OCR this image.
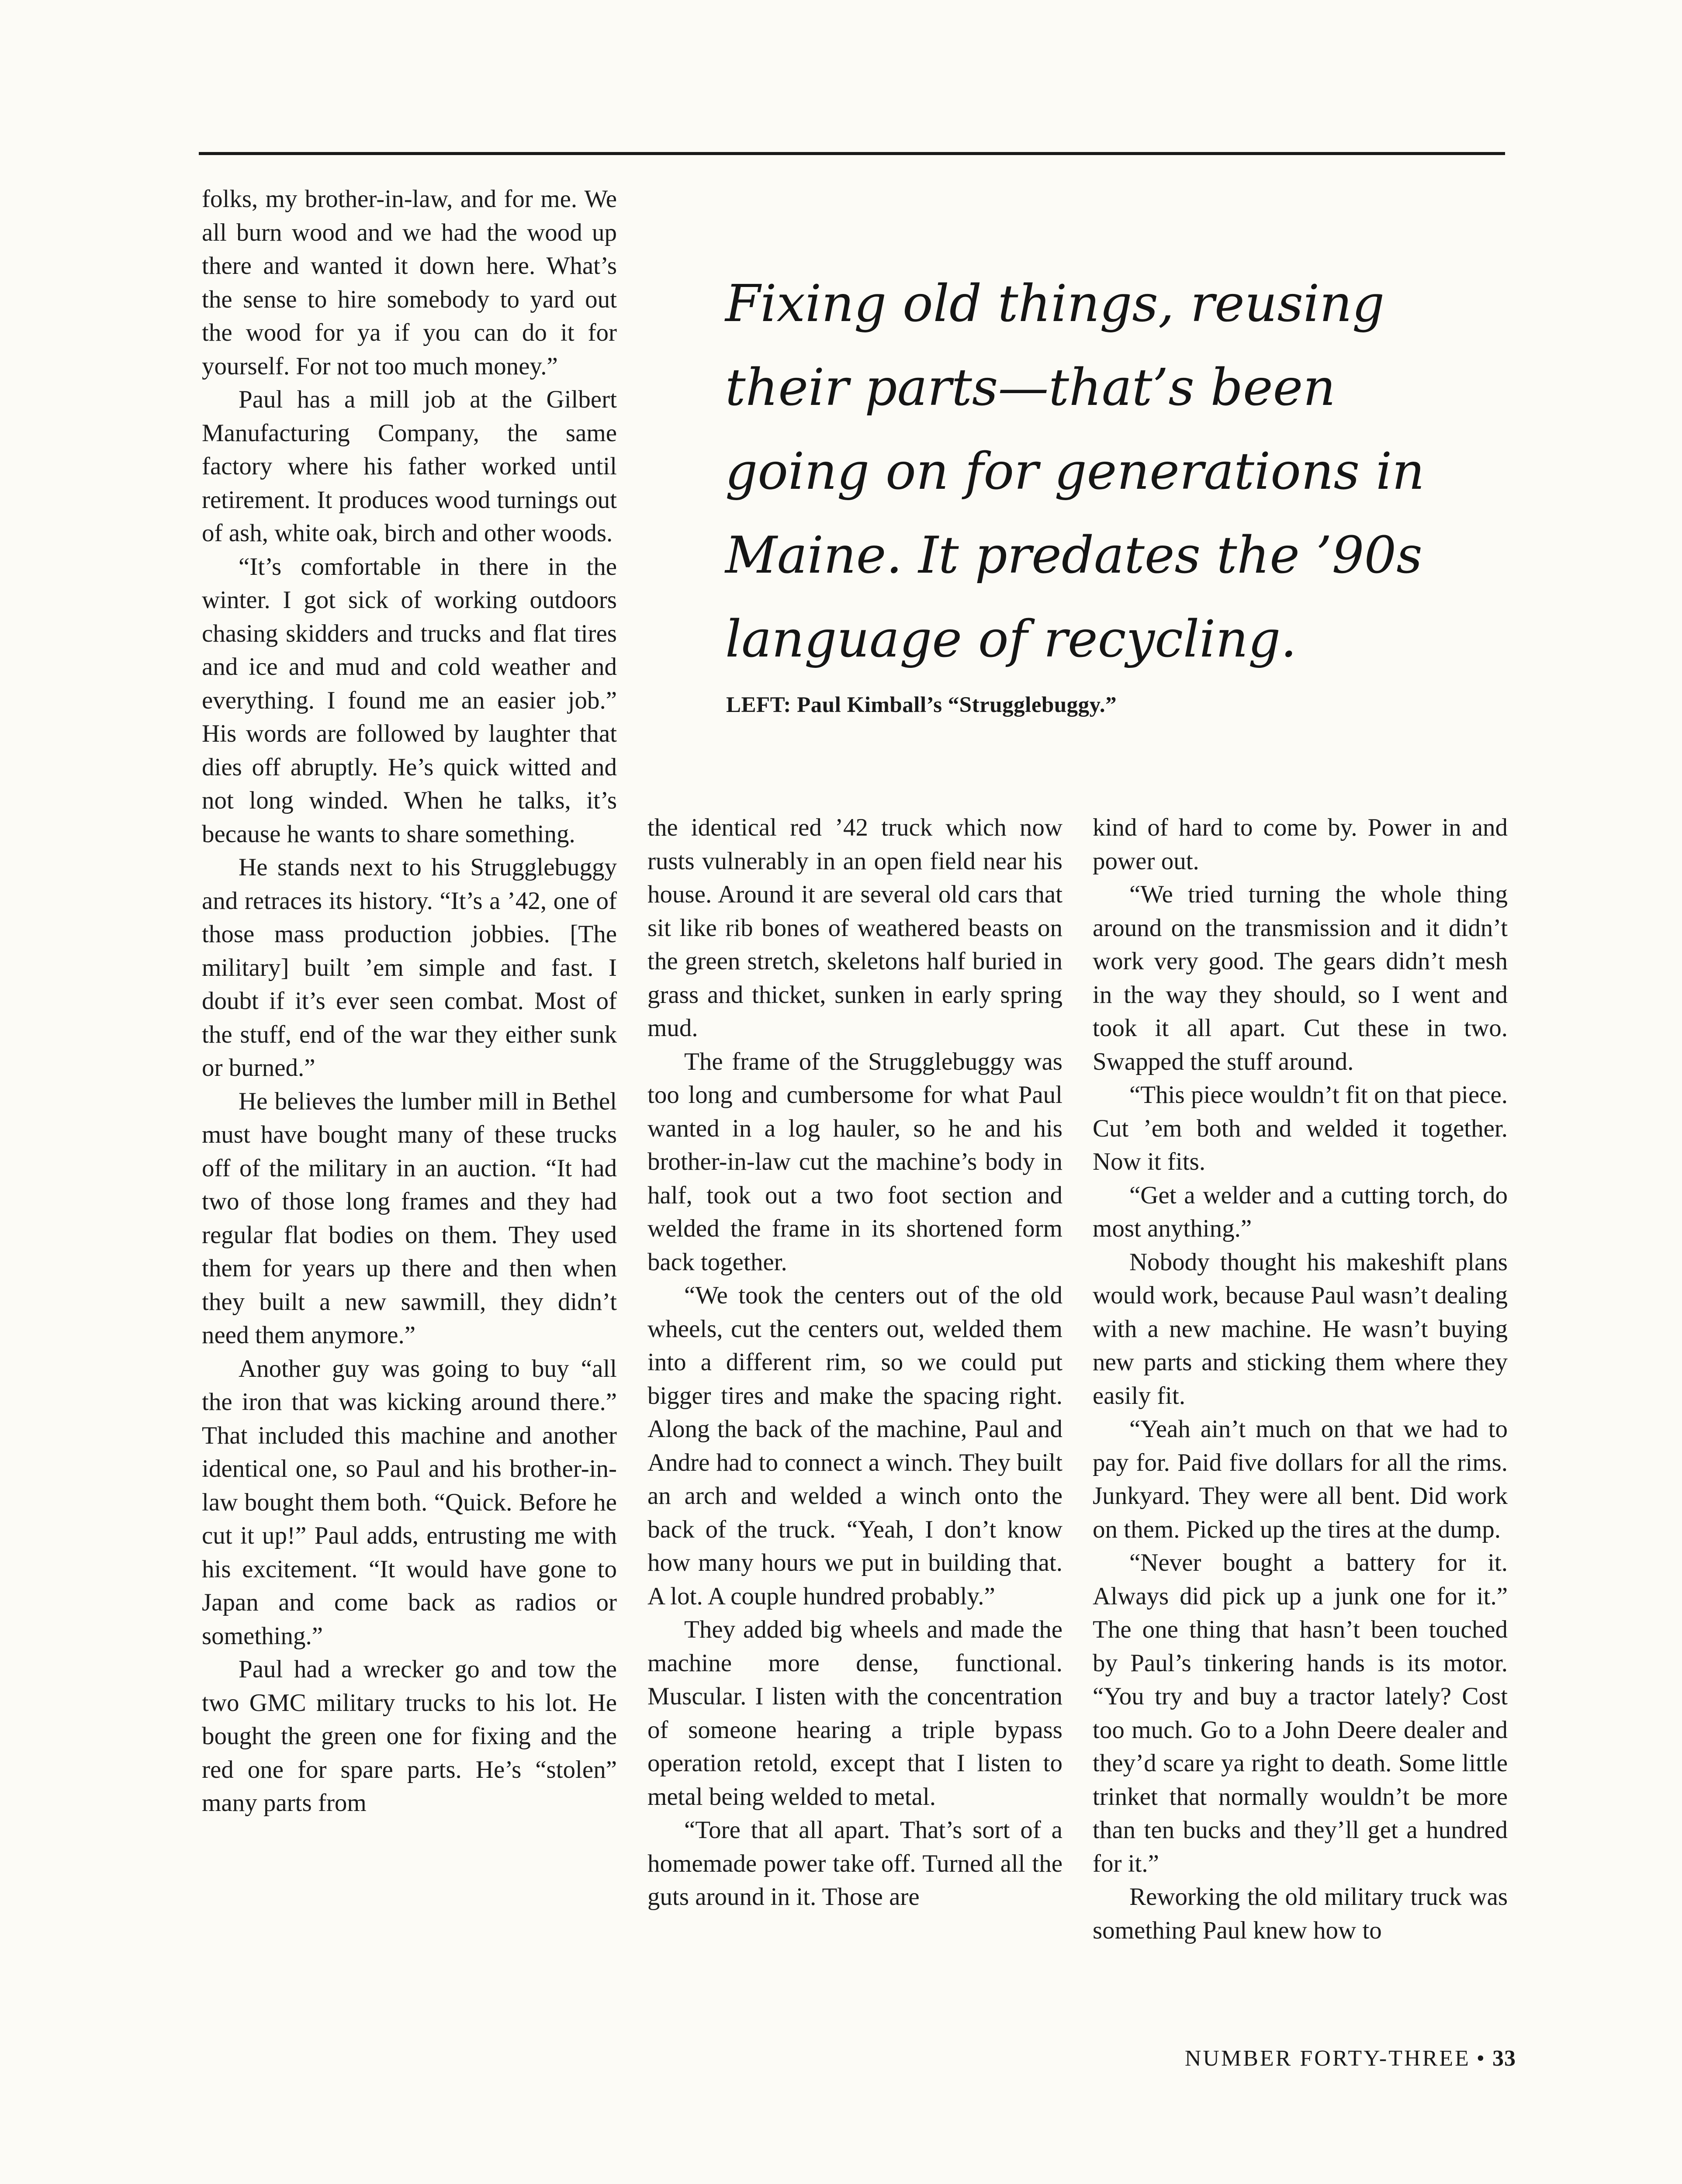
folks, my brother-in-law, and for me. We all burn wood and we had the wood up there and wanted it down here. What’s the sense to hire somebody to yard out the wood for ya if you can do it for yourself. For not too much money.”

Paul has a mill job at the Gilbert Manufacturing Company, the same factory where his father worked until retirement. It produces wood turnings out of ash, white oak, birch and other woods.

“It’s comfortable in there in the winter. I got sick of working outdoors chasing skidders and trucks and flat tires and ice and mud and cold weather and everything. I found me an easier job.” His words are followed by laughter that dies off abruptly. He’s quick witted and not long winded. When he talks, it’s because he wants to share something.

He stands next to his Strugglebuggy and retraces its history. “It’s a ’42, one of those mass production jobbies. [The military] built ’em simple and fast. I doubt if it’s ever seen combat. Most of the stuff, end of the war they either sunk or burned.”

He believes the lumber mill in Bethel must have bought many of these trucks off of the military in an auction. “It had two of those long frames and they had regular flat bodies on them. They used them for years up there and then when they built a new sawmill, they didn’t need them anymore.”

Another guy was going to buy “all the iron that was kicking around there.” That included this machine and another identical one, so Paul and his brother-in-law bought them both. “Quick. Before he cut it up!” Paul adds, entrusting me with his excitement. “It would have gone to Japan and come back as radios or something.”

Paul had a wrecker go and tow the two GMC military trucks to his lot. He bought the green one for fixing and the red one for spare parts. He’s “stolen” many parts from

Fixing old things, reusing their parts—that’s been going on for generations in Maine. It predates the ’90s language of recycling.

LEFT: Paul Kimball’s “Strugglebuggy.”

the identical red ’42 truck which now rusts vulnerably in an open field near his house. Around it are several old cars that sit like rib bones of weathered beasts on the green stretch, skeletons half buried in grass and thicket, sunken in early spring mud.

The frame of the Strugglebuggy was too long and cumbersome for what Paul wanted in a log hauler, so he and his brother-in-law cut the machine’s body in half, took out a two foot section and welded the frame in its shortened form back together.

“We took the centers out of the old wheels, cut the centers out, welded them into a different rim, so we could put bigger tires and make the spacing right. Along the back of the machine, Paul and Andre had to connect a winch. They built an arch and welded a winch onto the back of the truck. “Yeah, I don’t know how many hours we put in building that. A lot. A couple hundred probably.”

They added big wheels and made the machine more dense, functional. Muscular. I listen with the concentration of someone hearing a triple bypass operation retold, except that I listen to metal being welded to metal.

“Tore that all apart. That’s sort of a homemade power take off. Turned all the guts around in it. Those are

kind of hard to come by. Power in and power out.

“We tried turning the whole thing around on the transmission and it didn’t work very good. The gears didn’t mesh in the way they should, so I went and took it all apart. Cut these in two. Swapped the stuff around.

“This piece wouldn’t fit on that piece. Cut ’em both and welded it together. Now it fits.

“Get a welder and a cutting torch, do most anything.”

Nobody thought his makeshift plans would work, because Paul wasn’t dealing with a new machine. He wasn’t buying new parts and sticking them where they easily fit.

“Yeah ain’t much on that we had to pay for. Paid five dollars for all the rims. Junkyard. They were all bent. Did work on them. Picked up the tires at the dump.

“Never bought a battery for it. Always did pick up a junk one for it.” The one thing that hasn’t been touched by Paul’s tinkering hands is its motor. “You try and buy a tractor lately? Cost too much. Go to a John Deere dealer and they’d scare ya right to death. Some little trinket that normally wouldn’t be more than ten bucks and they’ll get a hundred for it.”

Reworking the old military truck was something Paul knew how to

NUMBER FORTY-THREE • 33
